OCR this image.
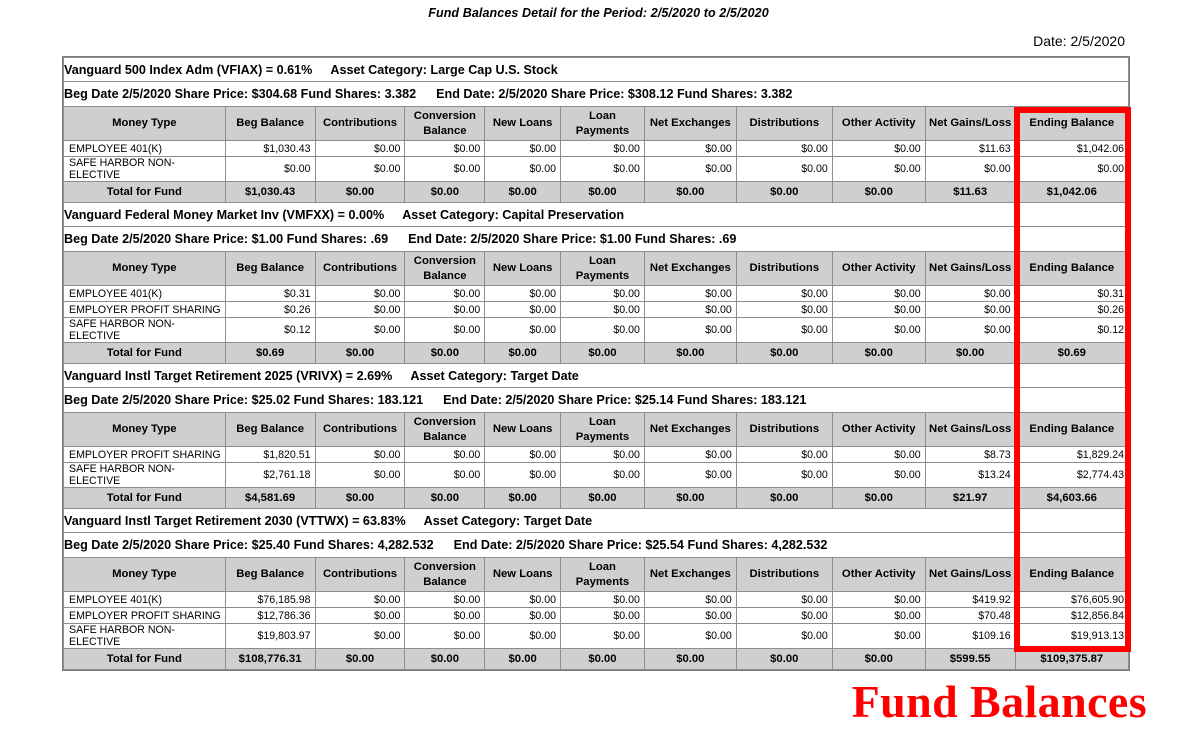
Fund Balances Detail for the Period: 2/5/2020 to 2/5/2020
Date: 2/5/2020
Vanguard 500 Index Adm (VFIAX) = 0.61% Asset Category: Large Cap U.S. Stock										
Beg Date 2/5/2020 Share Price: $304.68 Fund Shares: 3.382 End Date: 2/5/2020 Share Price: $308.12 Fund Shares: 3.382										
Money Type	Beg Balance	Contributions	Conversion
Balance	New Loans	Loan Payments	Net Exchanges	Distributions	Other Activity	Net Gains/Loss	Ending Balance
EMPLOYEE 401(K)	$1,030.43	$0.00	$0.00	$0.00	$0.00	$0.00	$0.00	$0.00	$11.63	$1,042.06
SAFE HARBOR NON-ELECTIVE	$0.00	$0.00	$0.00	$0.00	$0.00	$0.00	$0.00	$0.00	$0.00	$0.00
Total for Fund	$1,030.43	$0.00	$0.00	$0.00	$0.00	$0.00	$0.00	$0.00	$11.63	$1,042.06
Vanguard Federal Money Market Inv (VMFXX) = 0.00% Asset Category: Capital Preservation										
Beg Date 2/5/2020 Share Price: $1.00 Fund Shares: .69 End Date: 2/5/2020 Share Price: $1.00 Fund Shares: .69										
Money Type	Beg Balance	Contributions	Conversion
Balance	New Loans	Loan Payments	Net Exchanges	Distributions	Other Activity	Net Gains/Loss	Ending Balance
EMPLOYEE 401(K)	$0.31	$0.00	$0.00	$0.00	$0.00	$0.00	$0.00	$0.00	$0.00	$0.31
EMPLOYER PROFIT SHARING	$0.26	$0.00	$0.00	$0.00	$0.00	$0.00	$0.00	$0.00	$0.00	$0.26
SAFE HARBOR NON-ELECTIVE	$0.12	$0.00	$0.00	$0.00	$0.00	$0.00	$0.00	$0.00	$0.00	$0.12
Total for Fund	$0.69	$0.00	$0.00	$0.00	$0.00	$0.00	$0.00	$0.00	$0.00	$0.69
Vanguard Instl Target Retirement 2025 (VRIVX) = 2.69% Asset Category: Target Date										
Beg Date 2/5/2020 Share Price: $25.02 Fund Shares: 183.121 End Date: 2/5/2020 Share Price: $25.14 Fund Shares: 183.121										
Money Type	Beg Balance	Contributions	Conversion
Balance	New Loans	Loan Payments	Net Exchanges	Distributions	Other Activity	Net Gains/Loss	Ending Balance
EMPLOYER PROFIT SHARING	$1,820.51	$0.00	$0.00	$0.00	$0.00	$0.00	$0.00	$0.00	$8.73	$1,829.24
SAFE HARBOR NON-ELECTIVE	$2,761.18	$0.00	$0.00	$0.00	$0.00	$0.00	$0.00	$0.00	$13.24	$2,774.43
Total for Fund	$4,581.69	$0.00	$0.00	$0.00	$0.00	$0.00	$0.00	$0.00	$21.97	$4,603.66
Vanguard Instl Target Retirement 2030 (VTTWX) = 63.83% Asset Category: Target Date										
Beg Date 2/5/2020 Share Price: $25.40 Fund Shares: 4,282.532 End Date: 2/5/2020 Share Price: $25.54 Fund Shares: 4,282.532										
Money Type	Beg Balance	Contributions	Conversion
Balance	New Loans	Loan Payments	Net Exchanges	Distributions	Other Activity	Net Gains/Loss	Ending Balance
EMPLOYEE 401(K)	$76,185.98	$0.00	$0.00	$0.00	$0.00	$0.00	$0.00	$0.00	$419.92	$76,605.90
EMPLOYER PROFIT SHARING	$12,786.36	$0.00	$0.00	$0.00	$0.00	$0.00	$0.00	$0.00	$70.48	$12,856.84
SAFE HARBOR NON-ELECTIVE	$19,803.97	$0.00	$0.00	$0.00	$0.00	$0.00	$0.00	$0.00	$109.16	$19,913.13
Total for Fund	$108,776.31	$0.00	$0.00	$0.00	$0.00	$0.00	$0.00	$0.00	$599.55	$109,375.87
Fund Balances
